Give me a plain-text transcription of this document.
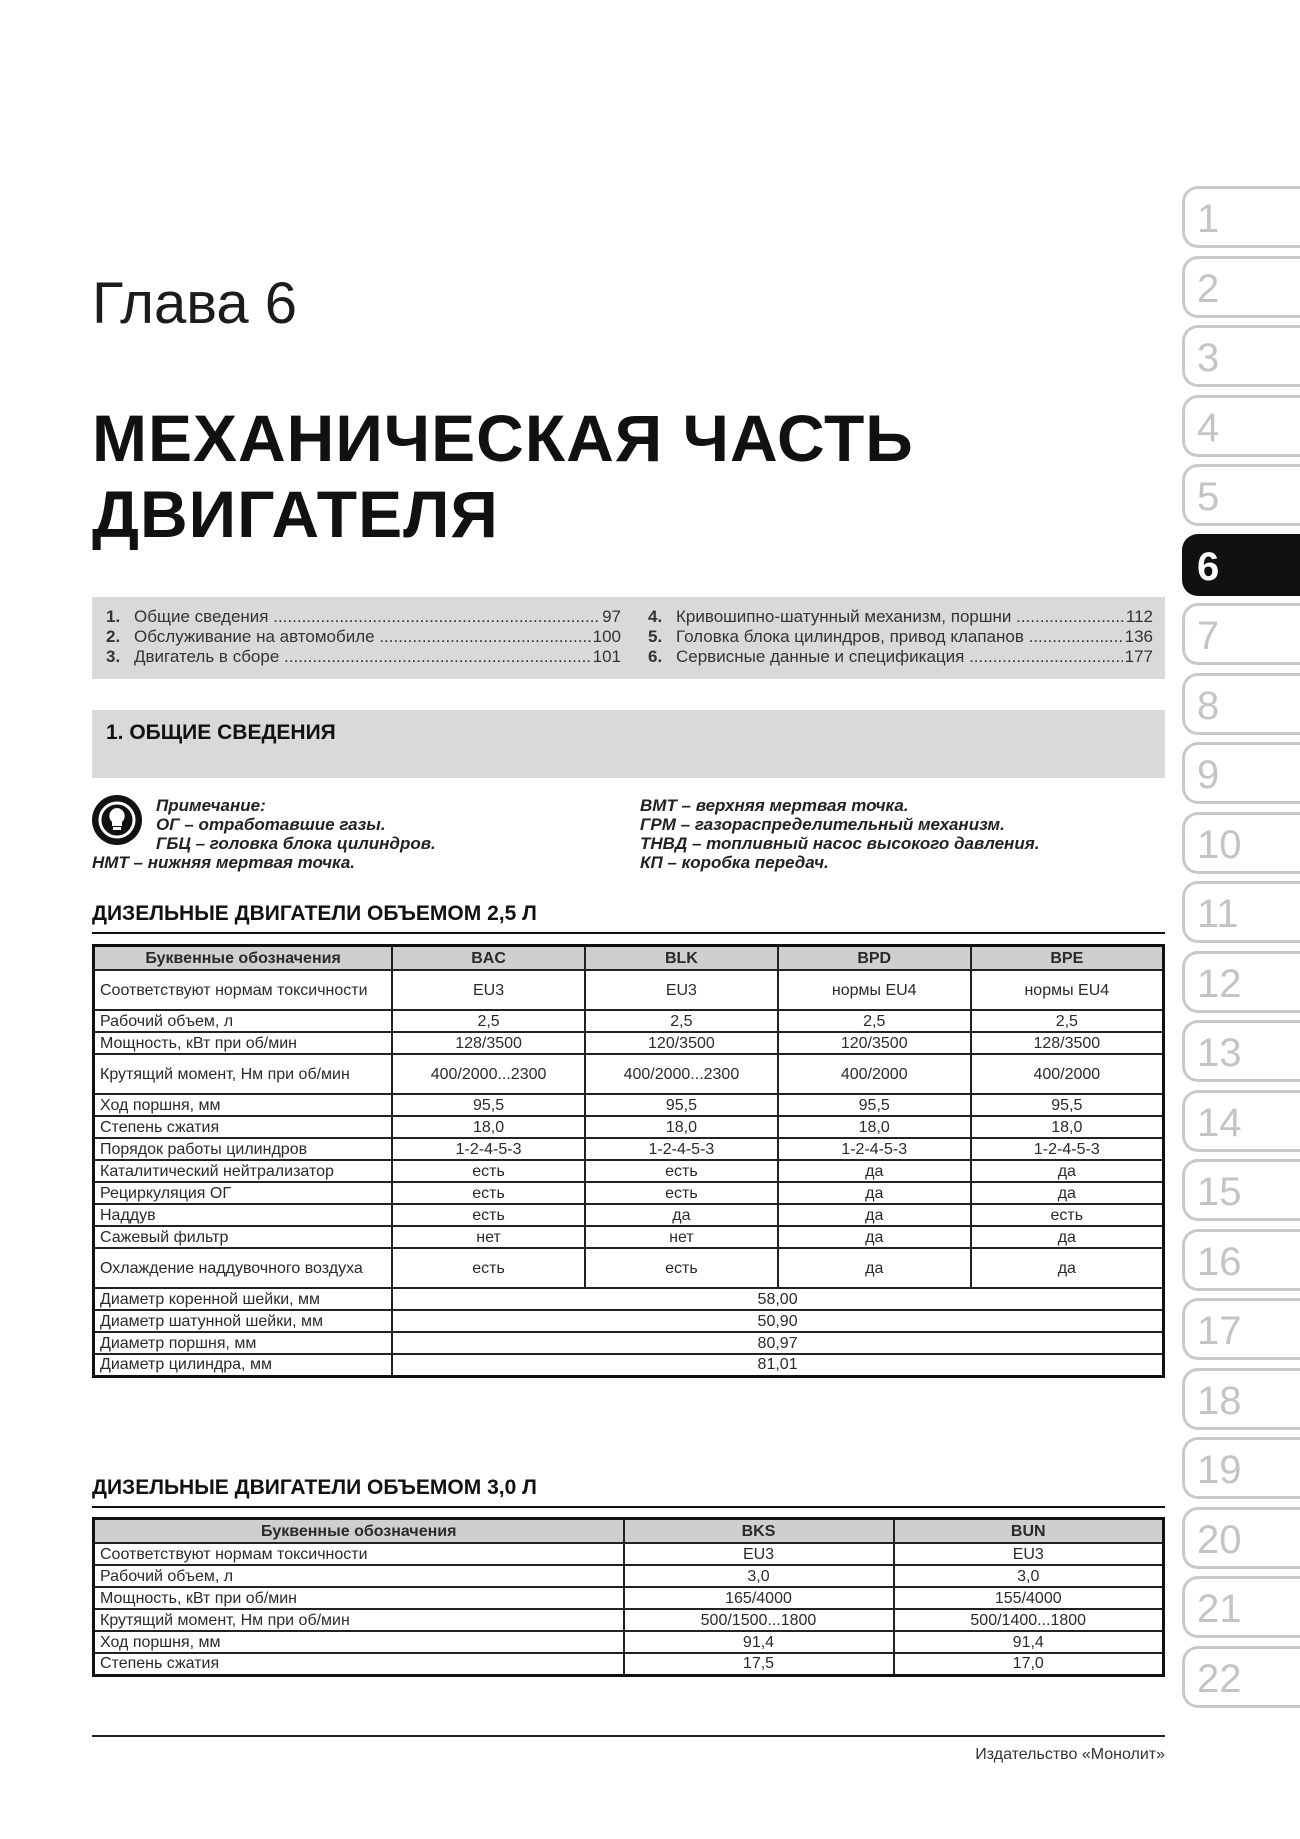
1
2
3
4
5
6
7
8
9
10
11
12
13
14
15
16
17
18
19
20
21
22
Глава 6
МЕХАНИЧЕСКАЯ ЧАСТЬ
ДВИГАТЕЛЯ
1. Общие сведения .....	97
2. Обслуживание на автомобиле .....	100
3. Двигатель в сборе .....	101
4. Кривошипно-шатунный механизм, поршни .....	112
5. Головка блока цилиндров, привод клапанов .....	136
6. Сервисные данные и спецификация .....	177
1. ОБЩИЕ СВЕДЕНИЯ
Примечание:
ОГ – отработавшие газы.
ГБЦ – головка блока цилиндров.
НМТ – нижняя мертвая точка.
ВМТ – верхняя мертвая точка.
ГРМ – газораспределительный механизм.
ТНВД – топливный насос высокого давления.
КП – коробка передач.
ДИЗЕЛЬНЫЕ ДВИГАТЕЛИ ОБЪЕМОМ 2,5 Л
Буквенные обозначения	BAC	BLK	BPD	BPE
Соответствуют нормам токсичности	EU3	EU3	нормы EU4	нормы EU4
Рабочий объем, л	2,5	2,5	2,5	2,5
Мощность, кВт при об/мин	128/3500	120/3500	120/3500	128/3500
Крутящий момент, Нм при об/мин	400/2000...2300	400/2000...2300	400/2000	400/2000
Ход поршня, мм	95,5	95,5	95,5	95,5
Степень сжатия	18,0	18,0	18,0	18,0
Порядок работы цилиндров	1-2-4-5-3	1-2-4-5-3	1-2-4-5-3	1-2-4-5-3
Каталитический нейтрализатор	есть	есть	да	да
Рециркуляция ОГ	есть	есть	да	да
Наддув	есть	да	да	есть
Сажевый фильтр	нет	нет	да	да
Охлаждение наддувочного воздуха	есть	есть	да	да
Диаметр коренной шейки, мм	58,00			
Диаметр шатунной шейки, мм	50,90			
Диаметр поршня, мм	80,97			
Диаметр цилиндра, мм	81,01			
ДИЗЕЛЬНЫЕ ДВИГАТЕЛИ ОБЪЕМОМ 3,0 Л
Буквенные обозначения	BKS	BUN
Соответствуют нормам токсичности	EU3	EU3
Рабочий объем, л	3,0	3,0
Мощность, кВт при об/мин	165/4000	155/4000
Крутящий момент, Нм при об/мин	500/1500...1800	500/1400...1800
Ход поршня, мм	91,4	91,4
Степень сжатия	17,5	17,0
Издательство «Монолит»
